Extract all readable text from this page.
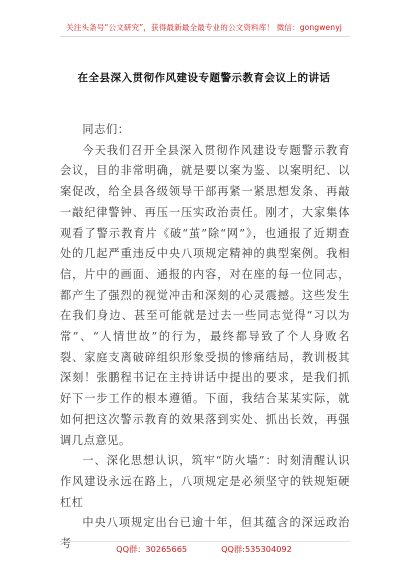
关注头条号“公文研究”，获得最新最全最专业的公文资料库！ 微信：gongwenyj
在全县深入贯彻作风建设专题警示教育会议上的讲话

同志们：

今天我们召开全县深入贯彻作风建设专题警示教育会议，目的非常明确，就是要以案为鉴、以案明纪、以案促改，给全县各级领导干部再紧一紧思想发条、再敲一敲纪律警钟、再压一压实政治责任。刚才，大家集体观看了警示教育片《破“茧”除“网”》，也通报了近期查处的几起严重违反中央八项规定精神的典型案例。我相信，片中的画面、通报的内容，对在座的每一位同志，都产生了强烈的视觉冲击和深刻的心灵震撼。这些发生在我们身边、甚至可能就是过去一些同志觉得“习以为常”、“人情世故”的行为，最终都导致了个人身败名裂、家庭支离破碎组织形象受损的惨痛结局，教训极其深刻！张鹏程书记在主持讲话中提出的要求，是我们抓好下一步工作的根本遵循。下面，我结合某某实际，就如何把这次警示教育的效果落到实处、抓出长效，再强调几点意见。

一、深化思想认识，筑牢“防火墙”：时刻清醒认识作风建设永远在路上，八项规定是必须坚守的铁规矩硬杠杠

中央八项规定出台已逾十年，但其蕴含的深远政治考	QQ群：30265665	QQ群:535304092
